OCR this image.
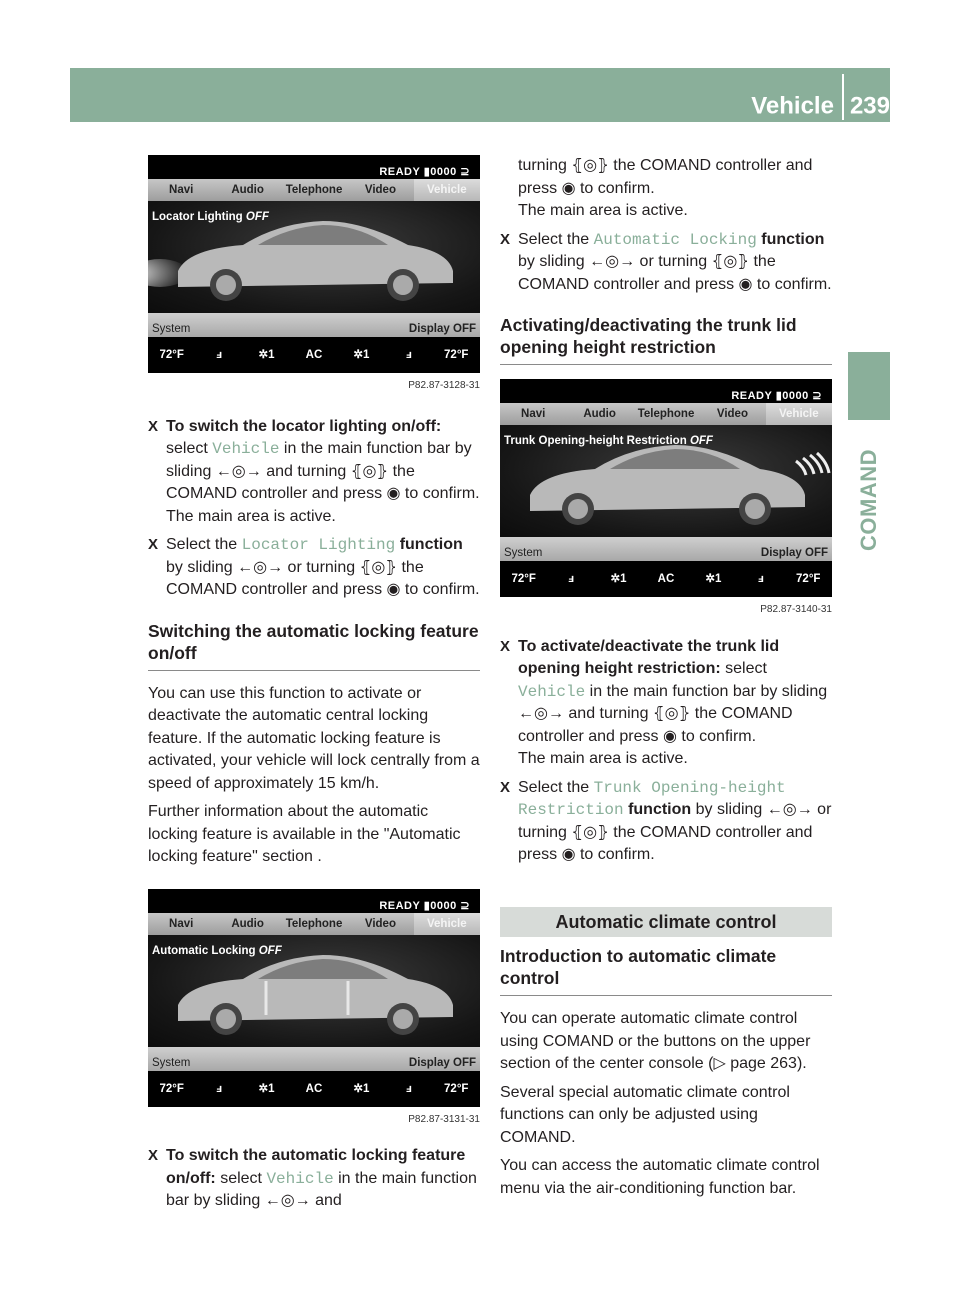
Vehicle 239
COMAND
READY ▮0000 ⊇
Navi	Audio	Telephone	Video	Vehicle
Locator Lighting OFF
System	Display OFF
72°F	ⅎ	✲1	AC	✲1	ⅎ	72°F
P82.87-3128-31
X To switch the locator lighting on/off:
select Vehicle in the main function bar by sliding ←◎→ and turning ⦃◎⦄ the COMAND controller and press ◉ to confirm.
The main area is active.
X Select the Locator Lighting function by sliding ←◎→ or turning ⦃◎⦄ the COMAND controller and press ◉ to confirm.
Switching the automatic locking feature on/off

You can use this function to activate or deactivate the automatic central locking feature. If the automatic locking feature is activated, your vehicle will lock centrally from a speed of approximately 15 km/h.

Further information about the automatic locking feature is available in the "Automatic locking feature" section .

READY ▮0000 ⊇
Navi	Audio	Telephone	Video	Vehicle
Automatic Locking OFF
System	Display OFF
72°F	ⅎ	✲1	AC	✲1	ⅎ	72°F
P82.87-3131-31
X To switch the automatic locking feature on/off: select Vehicle in the main function bar by sliding ←◎→ and

turning ⦃◎⦄ the COMAND controller and press ◉ to confirm.
The main area is active.

X Select the Automatic Locking function by sliding ←◎→ or turning ⦃◎⦄ the COMAND controller and press ◉ to confirm.
Activating/deactivating the trunk lid opening height restriction
READY ▮0000 ⊇
Navi	Audio	Telephone	Video	Vehicle
Trunk Opening-height Restriction OFF
System	Display OFF
72°F	ⅎ	✲1	AC	✲1	ⅎ	72°F
P82.87-3140-31
X To activate/deactivate the trunk lid opening height restriction: select Vehicle in the main function bar by sliding ←◎→ and turning ⦃◎⦄ the COMAND controller and press ◉ to confirm.
The main area is active.
X Select the Trunk Opening-height Restriction function by sliding ←◎→ or turning ⦃◎⦄ the COMAND controller and press ◉ to confirm.
Automatic climate control
Introduction to automatic climate control

You can operate automatic climate control using COMAND or the buttons on the upper section of the center console (▷ page 263).

Several special automatic climate control functions can only be adjusted using COMAND.

You can access the automatic climate control menu via the air-conditioning function bar.
